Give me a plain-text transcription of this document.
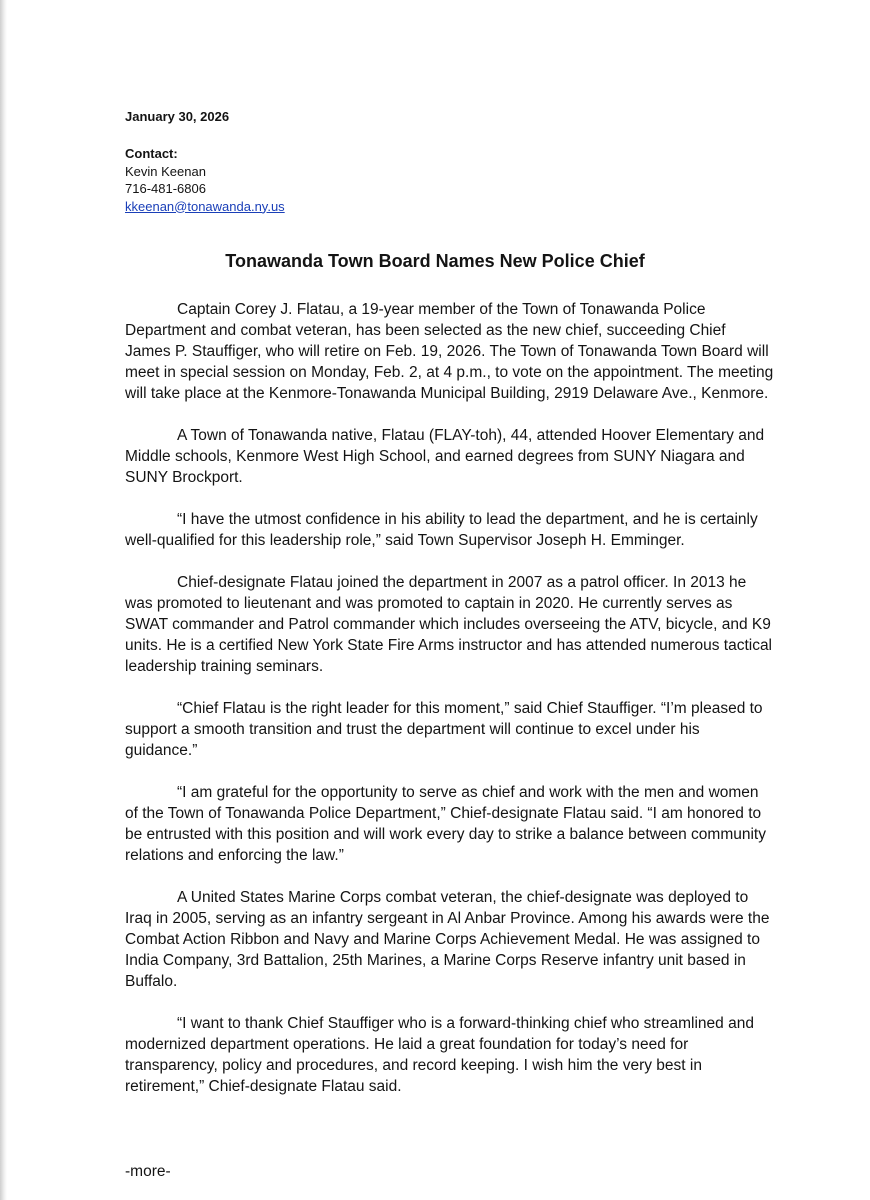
January 30, 2026

Contact:
Kevin Keenan
716-481-6806
kkeenan@tonawanda.ny.us
Tonawanda Town Board Names New Police Chief

Captain Corey J. Flatau, a 19-year member of the Town of Tonawanda Police Department and combat veteran, has been selected as the new chief, succeeding Chief James P. Stauffiger, who will retire on Feb. 19, 2026. The Town of Tonawanda Town Board will meet in special session on Monday, Feb. 2, at 4 p.m., to vote on the appointment. The meeting will take place at the Kenmore-Tonawanda Municipal Building, 2919 Delaware Ave., Kenmore.

A Town of Tonawanda native, Flatau (FLAY-toh), 44, attended Hoover Elementary and Middle schools, Kenmore West High School, and earned degrees from SUNY Niagara and SUNY Brockport.

“I have the utmost confidence in his ability to lead the department, and he is certainly well-qualified for this leadership role,” said Town Supervisor Joseph H. Emminger.

Chief-designate Flatau joined the department in 2007 as a patrol officer. In 2013 he was promoted to lieutenant and was promoted to captain in 2020. He currently serves as SWAT commander and Patrol commander which includes overseeing the ATV, bicycle, and K9 units. He is a certified New York State Fire Arms instructor and has attended numerous tactical leadership training seminars.

“Chief Flatau is the right leader for this moment,” said Chief Stauffiger. “I’m pleased to support a smooth transition and trust the department will continue to excel under his guidance.”

“I am grateful for the opportunity to serve as chief and work with the men and women of the Town of Tonawanda Police Department,” Chief-designate Flatau said. “I am honored to be entrusted with this position and will work every day to strike a balance between community relations and enforcing the law.”

A United States Marine Corps combat veteran, the chief-designate was deployed to Iraq in 2005, serving as an infantry sergeant in Al Anbar Province. Among his awards were the Combat Action Ribbon and Navy and Marine Corps Achievement Medal. He was assigned to India Company, 3rd Battalion, 25th Marines, a Marine Corps Reserve infantry unit based in Buffalo.

“I want to thank Chief Stauffiger who is a forward-thinking chief who streamlined and modernized department operations. He laid a great foundation for today’s need for transparency, policy and procedures, and record keeping. I wish him the very best in retirement,” Chief-designate Flatau said.

-more-
